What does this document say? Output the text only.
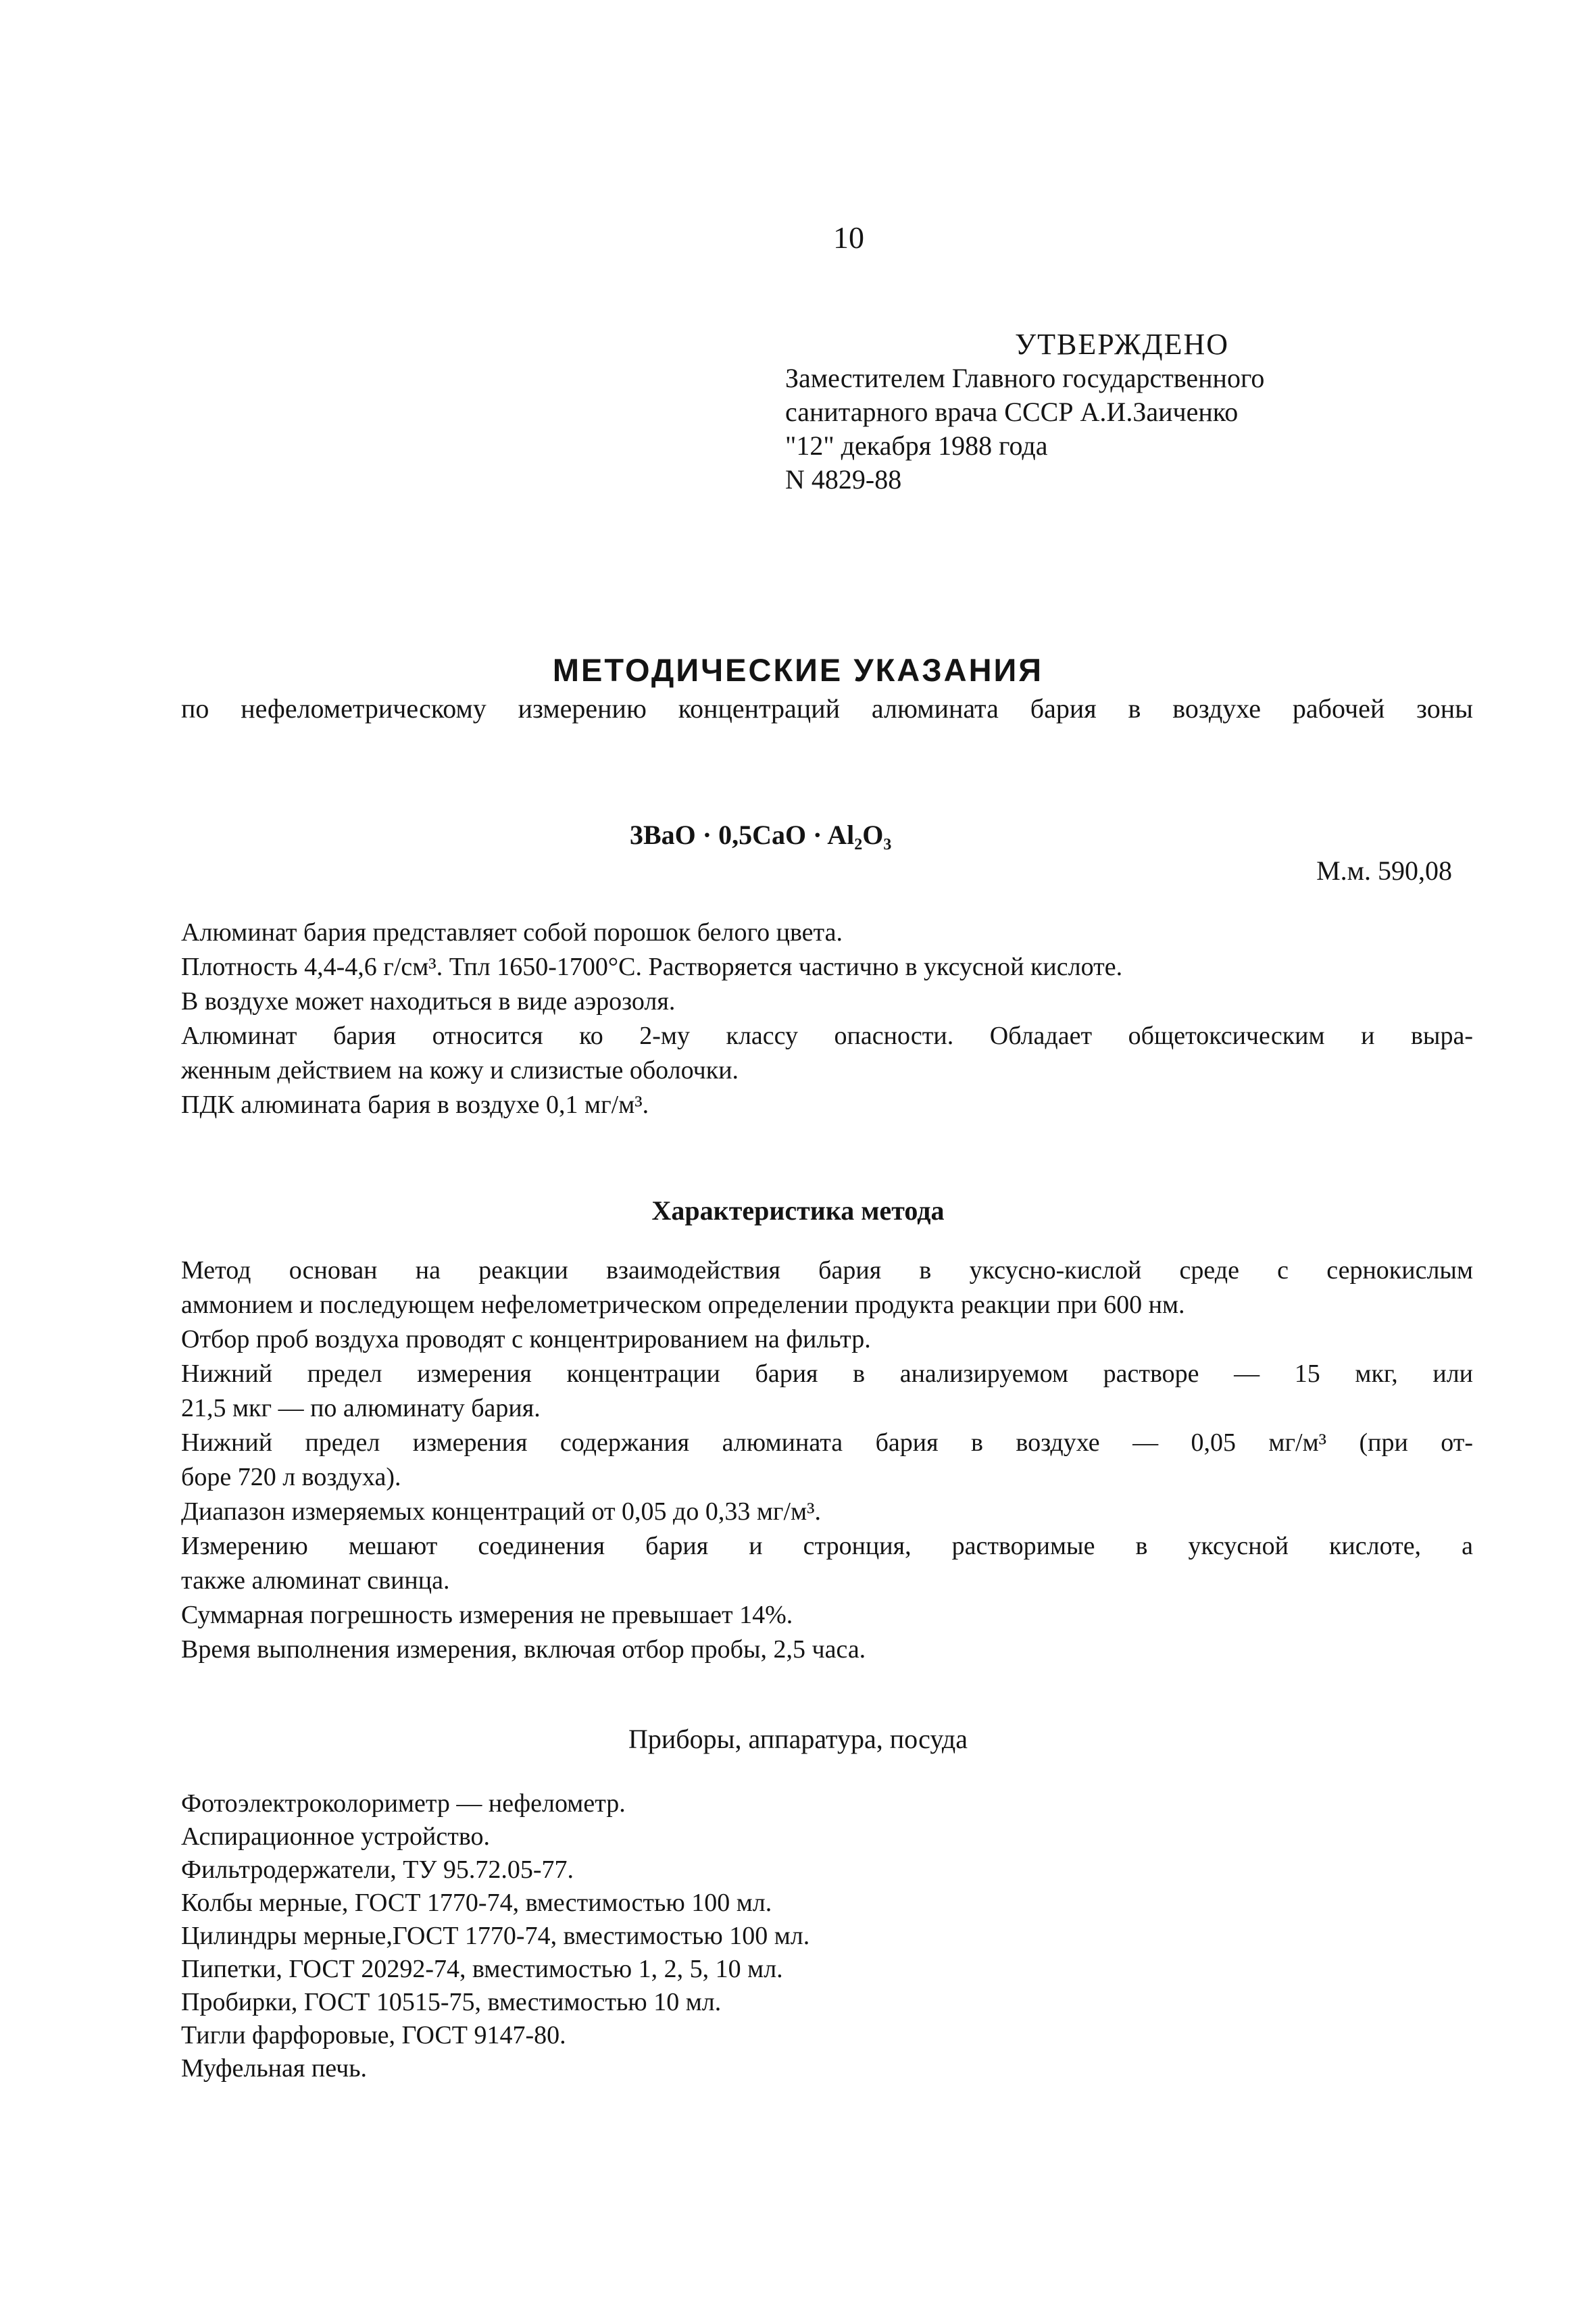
10
УТВЕРЖДЕНО
Заместителем Главного государственного
санитарного врача СССР А.И.Заиченко
"12" декабря 1988 года
N 4829-88
МЕТОДИЧЕСКИЕ УКАЗАНИЯ
по нефелометрическому измерению концентраций алюмината бария в воздухе рабочей зоны
3BaO · 0,5CaO · Al₂O₃
М.м. 590,08
Алюминат бария представляет собой порошок белого цвета.
Плотность 4,4-4,6 г/см³. Тпл 1650-1700°С. Растворяется частично в уксусной кислоте.
В воздухе может находиться в виде аэрозоля.
Алюминат бария относится ко 2-му классу опасности. Обладает общетоксическим и выра-
женным действием на кожу и слизистые оболочки.
ПДК алюмината бария в воздухе 0,1 мг/м³.
Характеристика метода
Метод основан на реакции взаимодействия бария в уксусно-кислой среде с сернокислым
аммонием и последующем нефелометрическом определении продукта реакции при 600 нм.
Отбор проб воздуха проводят с концентрированием на фильтр.
Нижний предел измерения концентрации бария в анализируемом растворе — 15 мкг, или
21,5 мкг — по алюминату бария.
Нижний предел измерения содержания алюмината бария в воздухе — 0,05 мг/м³ (при от-
боре 720 л воздуха).
Диапазон измеряемых концентраций от 0,05 до 0,33 мг/м³.
Измерению мешают соединения бария и стронция, растворимые в уксусной кислоте, а
также алюминат свинца.
Суммарная погрешность измерения не превышает 14%.
Время выполнения измерения, включая отбор пробы, 2,5 часа.
Приборы, аппаратура, посуда
Фотоэлектроколориметр — нефелометр.
Аспирационное устройство.
Фильтродержатели, ТУ 95.72.05-77.
Колбы мерные, ГОСТ 1770-74, вместимостью 100 мл.
Цилиндры мерные,ГОСТ 1770-74, вместимостью 100 мл.
Пипетки, ГОСТ 20292-74, вместимостью 1, 2, 5, 10 мл.
Пробирки, ГОСТ 10515-75, вместимостью 10 мл.
Тигли фарфоровые, ГОСТ 9147-80.
Муфельная печь.
